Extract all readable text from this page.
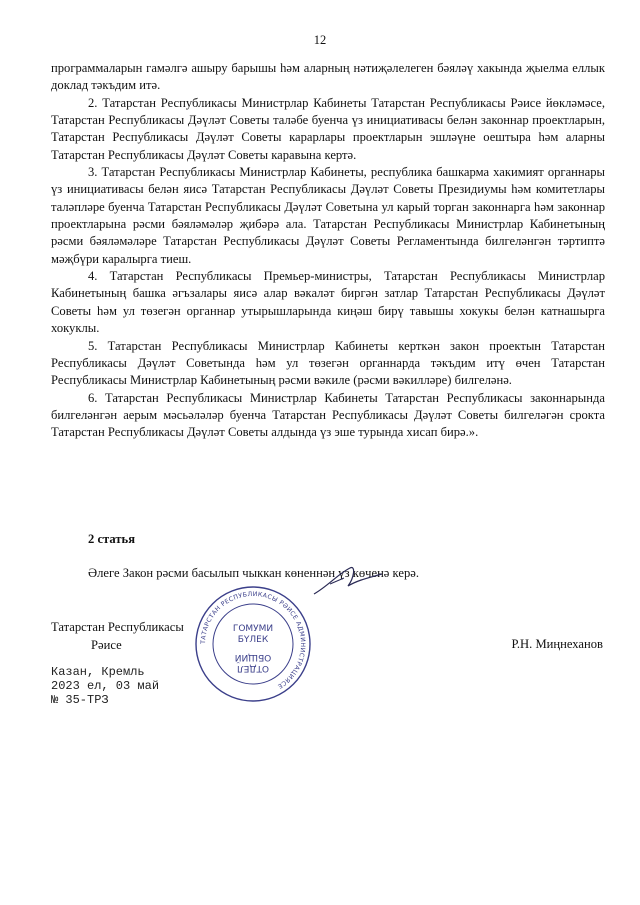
12

программаларын гамәлгә ашыру барышы һәм аларның нәтиҗәлелеген бәяләү хакында җыелма еллык доклад тәкъдим итә.

2. Татарстан Республикасы Министрлар Кабинеты Татарстан Республикасы Рәисе йөкләмәсе, Татарстан Республикасы Дәүләт Советы таләбе буенча үз инициативасы белән законнар проектларын, Татарстан Республикасы Дәүләт Советы карарлары проектларын эшләүне оештыра һәм аларны Татарстан Республикасы Дәүләт Советы каравына кертә.

3. Татарстан Республикасы Министрлар Кабинеты, республика башкарма хакимият органнары үз инициативасы белән яисә Татарстан Республикасы Дәүләт Советы Президиумы һәм комитетлары таләпләре буенча Татарстан Республикасы Дәүләт Советына ул карый торган законнарга һәм законнар проектларына рәсми бәяләмәләр җибәрә ала. Татарстан Республикасы Министрлар Кабинетының рәсми бәяләмәләре Татарстан Республикасы Дәүләт Советы Регламентында билгеләнгән тәртиптә мәҗбүри каралырга тиеш.

4. Татарстан Республикасы Премьер-министры, Татарстан Республикасы Министрлар Кабинетының башка әгъзалары яисә алар вәкаләт биргән затлар Татарстан Республикасы Дәүләт Советы һәм ул төзегән органнар утырышларында киңәш бирү тавышы хокукы белән катнашырга хокуклы.

5. Татарстан Республикасы Министрлар Кабинеты керткән закон проектын Татарстан Республикасы Дәүләт Советында һәм ул төзегән органнарда тәкъдим итү өчен Татарстан Республикасы Министрлар Кабинетының рәсми вәкиле (рәсми вәкилләре) билгеләнә.

6. Татарстан Республикасы Министрлар Кабинеты Татарстан Республикасы законнарында билгеләнгән аерым мәсьәләләр буенча Татарстан Республикасы Дәүләт Советы билгеләгән срокта Татарстан Республикасы Дәүләт Советы алдында үз эше турында хисап бирә.».

2 статья
Әлеге Закон рәсми басылып чыккан көненнән үз көченә керә.
Татарстан Республикасы
Рәисе	Р.Н. Миңнеханов
Казан, Кремль
2023 ел, 03 май
№ 35-ТРЗ
ТАТАРСТАН РЕСПУБЛИКАСЫ РӘИСЕ АДМИНИСТРАЦИЯСЕ
ГОМУМИ
БҮЛЕК
ОТДЕЛ
ОБЩИЙ
